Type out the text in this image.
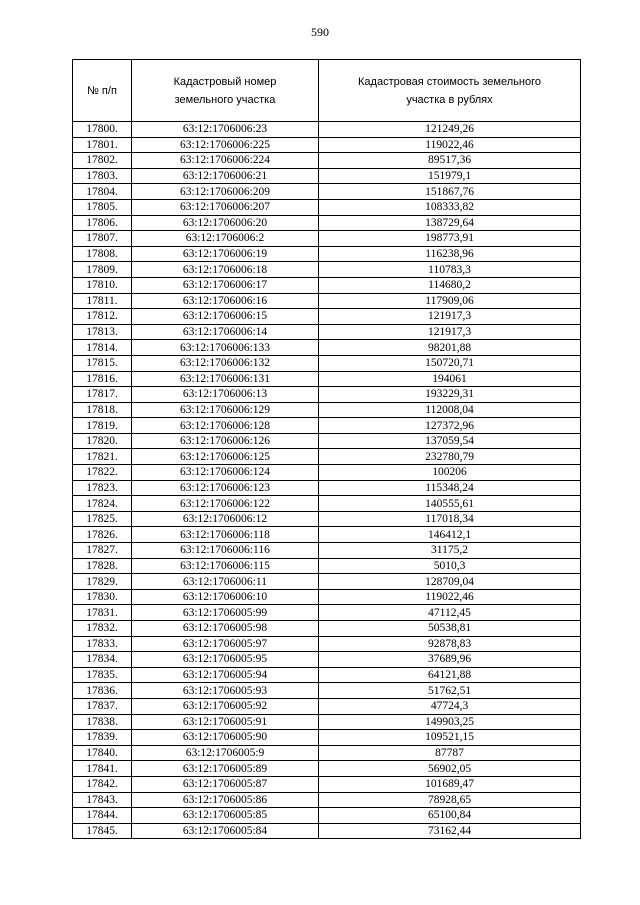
590
№ п/п	Кадастровый номер земельного участка	Кадастровая стоимость земельного участка в рублях

17800.	63:12:1706006:23	121249,26
17801.	63:12:1706006:225	119022,46
17802.	63:12:1706006:224	89517,36
17803.	63:12:1706006:21	151979,1
17804.	63:12:1706006:209	151867,76
17805.	63:12:1706006:207	108333,82
17806.	63:12:1706006:20	138729,64
17807.	63:12:1706006:2	198773,91
17808.	63:12:1706006:19	116238,96
17809.	63:12:1706006:18	110783,3
17810.	63:12:1706006:17	114680,2
17811.	63:12:1706006:16	117909,06
17812.	63:12:1706006:15	121917,3
17813.	63:12:1706006:14	121917,3
17814.	63:12:1706006:133	98201,88
17815.	63:12:1706006:132	150720,71
17816.	63:12:1706006:131	194061
17817.	63:12:1706006:13	193229,31
17818.	63:12:1706006:129	112008,04
17819.	63:12:1706006:128	127372,96
17820.	63:12:1706006:126	137059,54
17821.	63:12:1706006:125	232780,79
17822.	63:12:1706006:124	100206
17823.	63:12:1706006:123	115348,24
17824.	63:12:1706006:122	140555,61
17825.	63:12:1706006:12	117018,34
17826.	63:12:1706006:118	146412,1
17827.	63:12:1706006:116	31175,2
17828.	63:12:1706006:115	5010,3
17829.	63:12:1706006:11	128709,04
17830.	63:12:1706006:10	119022,46
17831.	63:12:1706005:99	47112,45
17832.	63:12:1706005:98	50538,81
17833.	63:12:1706005:97	92878,83
17834.	63:12:1706005:95	37689,96
17835.	63:12:1706005:94	64121,88
17836.	63:12:1706005:93	51762,51
17837.	63:12:1706005:92	47724,3
17838.	63:12:1706005:91	149903,25
17839.	63:12:1706005:90	109521,15
17840.	63:12:1706005:9	87787
17841.	63:12:1706005:89	56902,05
17842.	63:12:1706005:87	101689,47
17843.	63:12:1706005:86	78928,65
17844.	63:12:1706005:85	65100,84
17845.	63:12:1706005:84	73162,44
